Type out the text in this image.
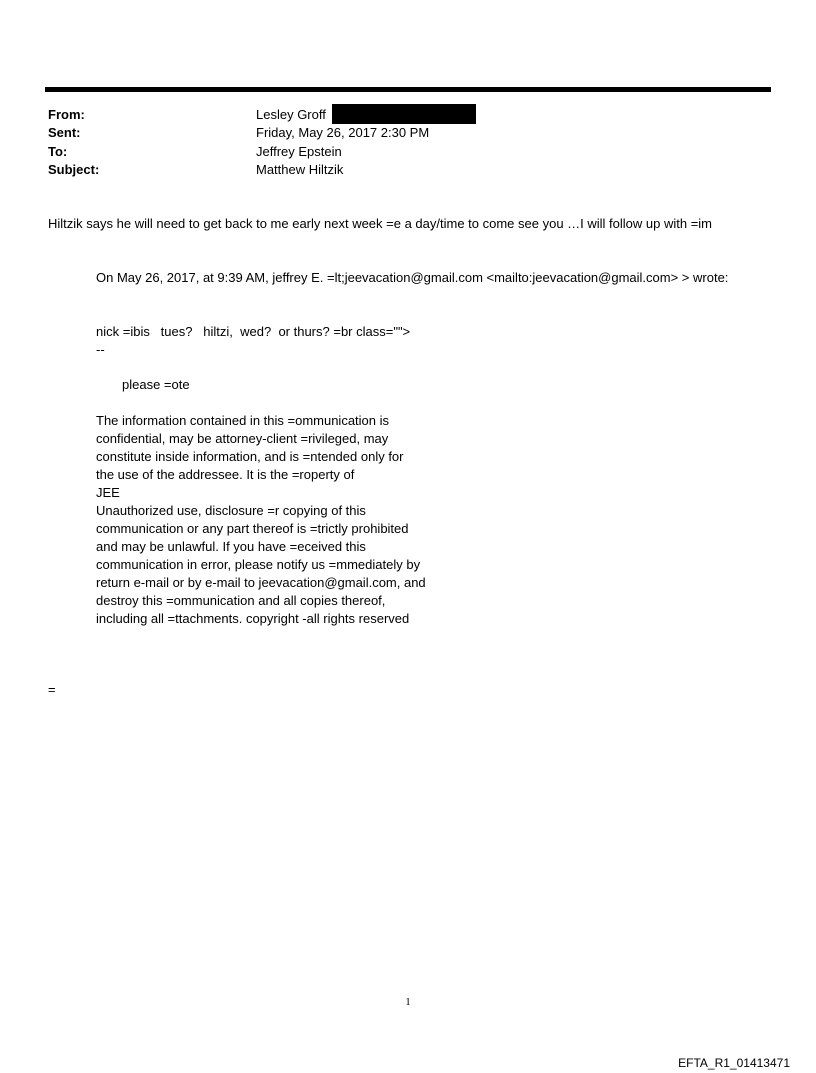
From:	Lesley Groff
Sent:	Friday, May 26, 2017 2:30 PM
To:	Jeffrey Epstein
Subject:	Matthew Hiltzik
Hiltzik says he will need to get back to me early next week =e a day/time to come see you …I will follow up with =im
On May 26, 2017, at 9:39 AM, jeffrey E. =lt;jeevacation@gmail.com <mailto:jeevacation@gmail.com> > wrote:
nick =ibis   tues?   hiltzi,  wed?  or thurs? =br class="">
--
please =ote
The information contained in this =ommunication is
confidential, may be attorney-client =rivileged, may
constitute inside information, and is =ntended only for
the use of the addressee. It is the =roperty of
JEE
Unauthorized use, disclosure =r copying of this
communication or any part thereof is =trictly prohibited
and may be unlawful. If you have =eceived this
communication in error, please notify us =mmediately by
return e-mail or by e-mail to jeevacation@gmail.com, and
destroy this =ommunication and all copies thereof,
including all =ttachments. copyright -all rights reserved
=
1
EFTA_R1_01413471
